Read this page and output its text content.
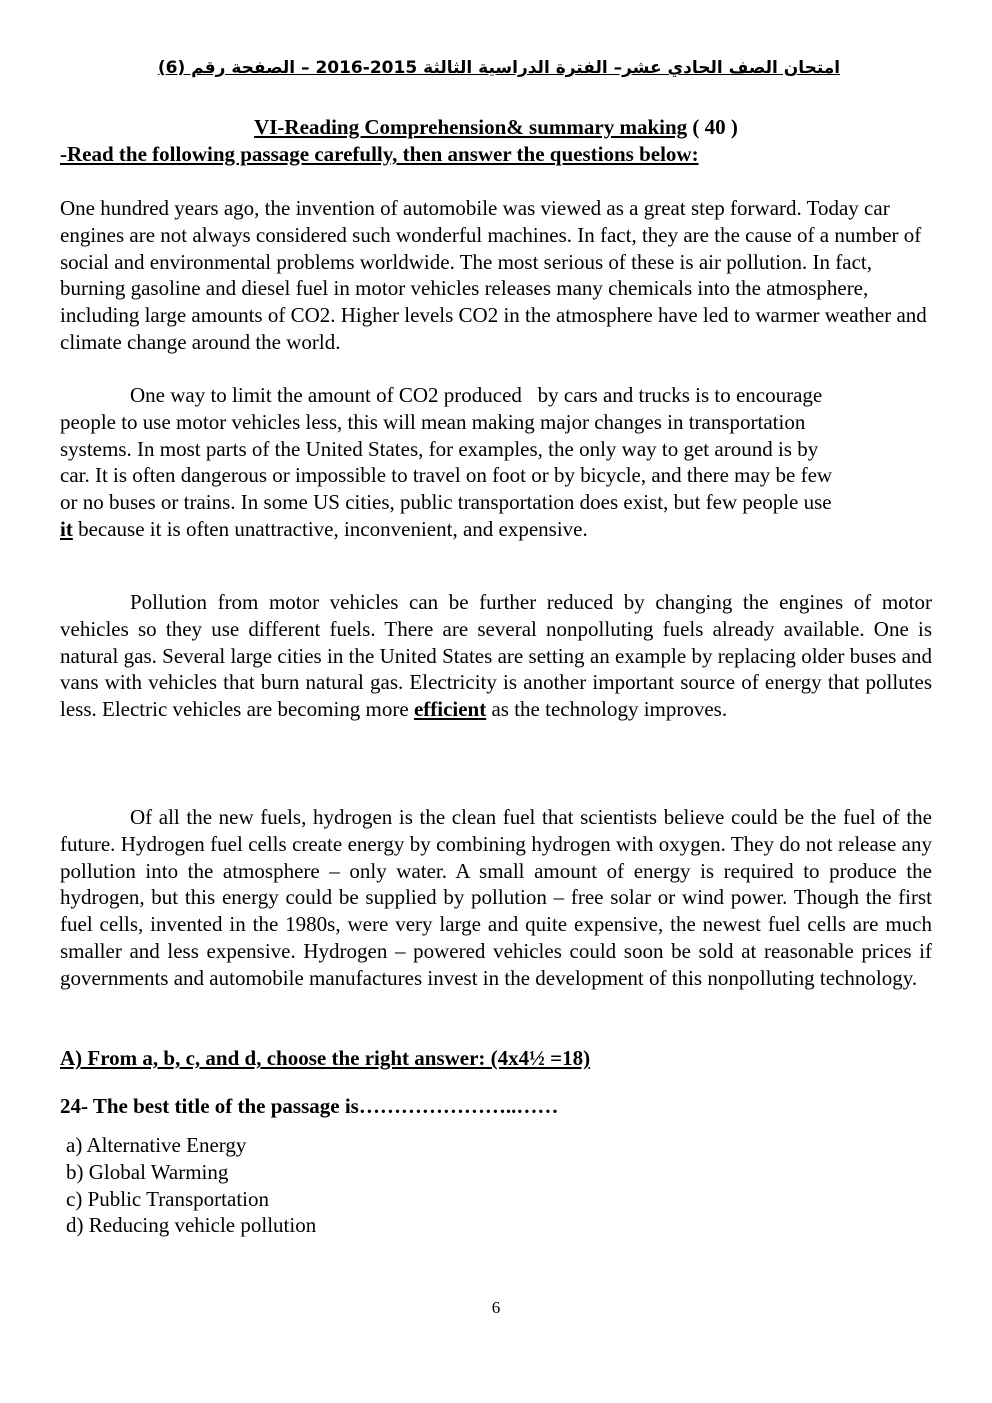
امتحان الصف الحادي عشر– الفترة الدراسية الثالثة 2015-2016 – الصفحة رقم (6)
VI-Reading Comprehension& summary making ( 40 )
-Read the following passage carefully, then answer the questions below:
One hundred years ago, the invention of automobile was viewed as a great step forward. Today car engines are not always considered such wonderful machines. In fact, they are the cause of a number of social and environmental problems worldwide. The most serious of these is air pollution. In fact, burning gasoline and diesel fuel in motor vehicles releases many chemicals into the atmosphere, including large amounts of CO2. Higher levels CO2 in the atmosphere have led to warmer weather and climate change around the world.
One way to limit the amount of CO2 produced   by cars and trucks is to encourage
people to use motor vehicles less, this will mean making major changes in transportation
systems. In most parts of the United States, for examples, the only way to get around is by
car. It is often dangerous or impossible to travel on foot or by bicycle, and there may be few
or no buses or trains. In some US cities, public transportation does exist, but few people use
it because it is often unattractive, inconvenient, and expensive.
Pollution from motor vehicles can be further reduced by changing the engines of motor vehicles so they use different fuels. There are several nonpolluting fuels already available. One is natural gas. Several large cities in the United States are setting an example by replacing older buses and vans with vehicles that burn natural gas. Electricity is another important source of energy that pollutes less. Electric vehicles are becoming more efficient as the technology improves.
Of all the new fuels, hydrogen is the clean fuel that scientists believe could be the fuel of the future. Hydrogen fuel cells create energy by combining hydrogen with oxygen. They do not release any pollution into the atmosphere – only water. A small amount of energy is required to produce the hydrogen, but this energy could be supplied by pollution – free solar or wind power. Though the first fuel cells, invented in the 1980s, were very large and quite expensive, the newest fuel cells are much smaller and less expensive. Hydrogen – powered vehicles could soon be sold at reasonable prices if governments and automobile manufactures invest in the development of this nonpolluting technology.
A) From a, b, c, and d, choose the right answer: (4x4½ =18)
24- The best title of the passage is…………………..……
a) Alternative Energy
b) Global Warming
c) Public Transportation
d) Reducing vehicle pollution
6
